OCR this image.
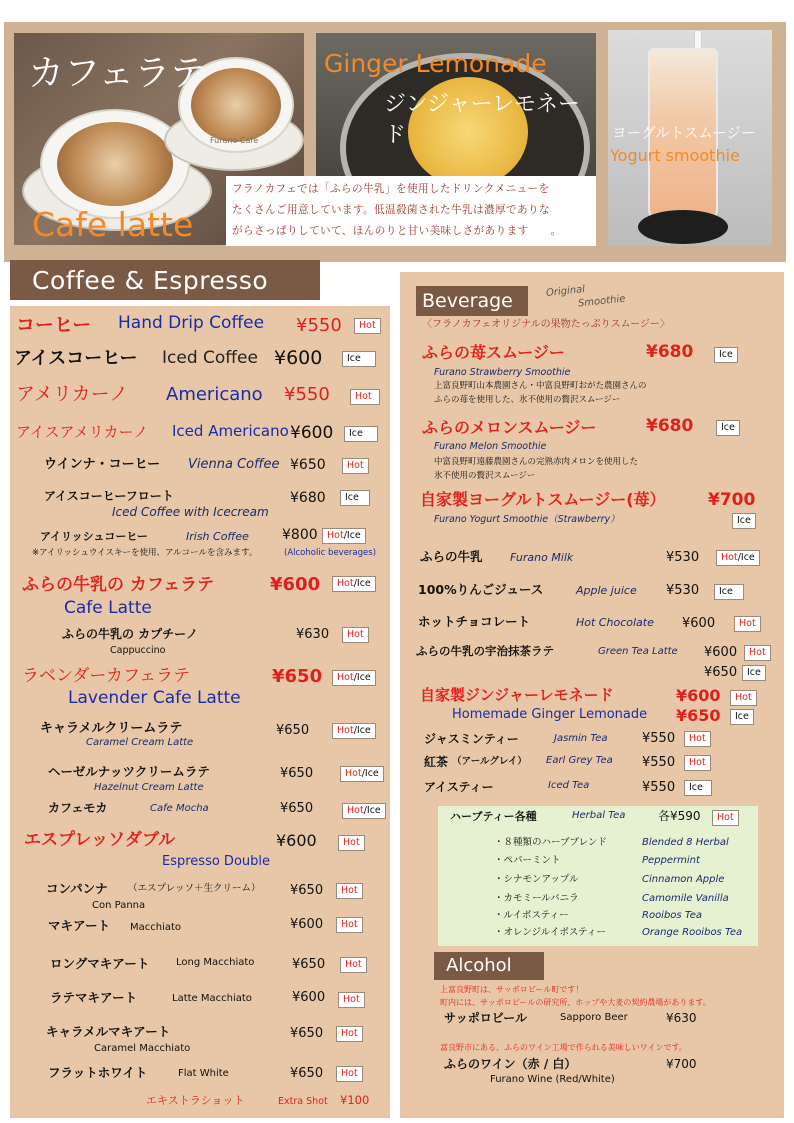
Furano Cafe
カフェラテ
Cafe latte
Ginger Lemonade
ジンジャーレモネード	ヨーグルトスムージー
Yogurt smoothie
フラノカフェでは「ふらの牛乳」を使用したドリンクメニューを
たくさんご用意しています。低温殺菌された牛乳は濃厚でありな
がらさっぱりしていて、ほんのりと甘い美味しさがあります　　。
Coffee & Espresso
コーヒー Hand Drip Coffee ¥550	Hot
アイスコーヒー Iced Coffee ¥600	Ice
アメリカーノ Americano ¥550	Hot
アイスアメリカーノ Iced Americano ¥600	Ice
ウインナ・コーヒー Vienna Coffee ¥650	Hot
アイスコーヒーフロート
Iced Coffee with Icecream
¥680	Ice
アイリッシュコーヒー	Irish Coffee ¥800 Hot/Ice
※アイリッシュウイスキーを使用、アルコールを含みます。	(Alcoholic beverages)
ふらの牛乳の カフェラテ
Cafe Latte
¥600	Hot/Ice
ふらの牛乳の カプチーノ
Cappuccino
¥630	Hot
ラベンダーカフェラテ
Lavender Cafe Latte
¥650	Hot/Ice
キャラメルクリームラテ
Caramel Cream Latte
¥650	Hot/Ice
ヘーゼルナッツクリームラテ
Hazelnut Cream Latte
¥650	Hot/Ice
カフェモカ	Cafe Mocha	¥650	Hot/Ice
エスプレッソダブル
Espresso Double
¥600	Hot
コンパンナ （エスプレッソ＋生クリーム）
Con Panna
¥650	Hot
マキアート Macchiato	¥600	Hot
ロングマキアート	Long Macchiato	¥650	Hot
ラテマキアート	Latte Macchiato	¥600	Hot
キャラメルマキアート
Caramel Macchiato
¥650	Hot
フラットホワイト	Flat White	¥650	Hot
エキストラショット	Extra Shot ¥100
Beverage	Original
Smoothie
〈フラノカフェオリジナルの果物たっぷりスムージー〉
ふらの苺スムージー	¥680	Ice
Furano Strawberry Smoothie
上富良野町山本農園さん・中富良野町おがた農園さんの
ふらの苺を使用した、氷不使用の贅沢スムージー
ふらのメロンスムージー	¥680	Ice
Furano Melon Smoothie
中富良野町遠藤農園さんの完熟赤肉メロンを使用した
氷不使用の贅沢スムージー
自家製ヨーグルトスムージー(苺） ¥700
Furano Yogurt Smoothie（Strawberry）	Ice
ふらの牛乳 Furano Milk	¥530	Hot/Ice
100%りんごジュース	Apple juice ¥530	Ice
ホットチョコレート	Hot Chocolate ¥600	Hot
ふらの牛乳の宇治抹茶ラテ	Green Tea Latte ¥600	Hot
¥650	Ice
自家製ジンジャーレモネード	¥600	Hot
Homemade Ginger Lemonade ¥650	Ice
ジャスミンティー	Jasmin Tea	¥550	Hot
紅茶 （アールグレイ） Earl Grey Tea ¥550	Hot
アイスティー	Iced Tea	¥550	Ice
ハーブティー各種	Herbal Tea	各¥590	Hot
・８種類のハーブブレンド	Blended 8 Herbal
・ペパーミント	Peppermint
・シナモンアップル	Cinnamon Apple
・カモミールバニラ	Camomile Vanilla
・ルイボスティー	Rooibos Tea
・オレンジルイボスティー	Orange Rooibos Tea
Alcohol
上富良野町は、サッポロビール町です！
町内には、サッポロビールの研究所、ホップや大麦の契約農場があります。
サッポロビール	Sapporo Beer	¥630
富良野市にある、ふらのワイン工場で作られる美味しいワインです。
ふらのワイン（赤 / 白）	¥700
Furano Wine (Red/White)
